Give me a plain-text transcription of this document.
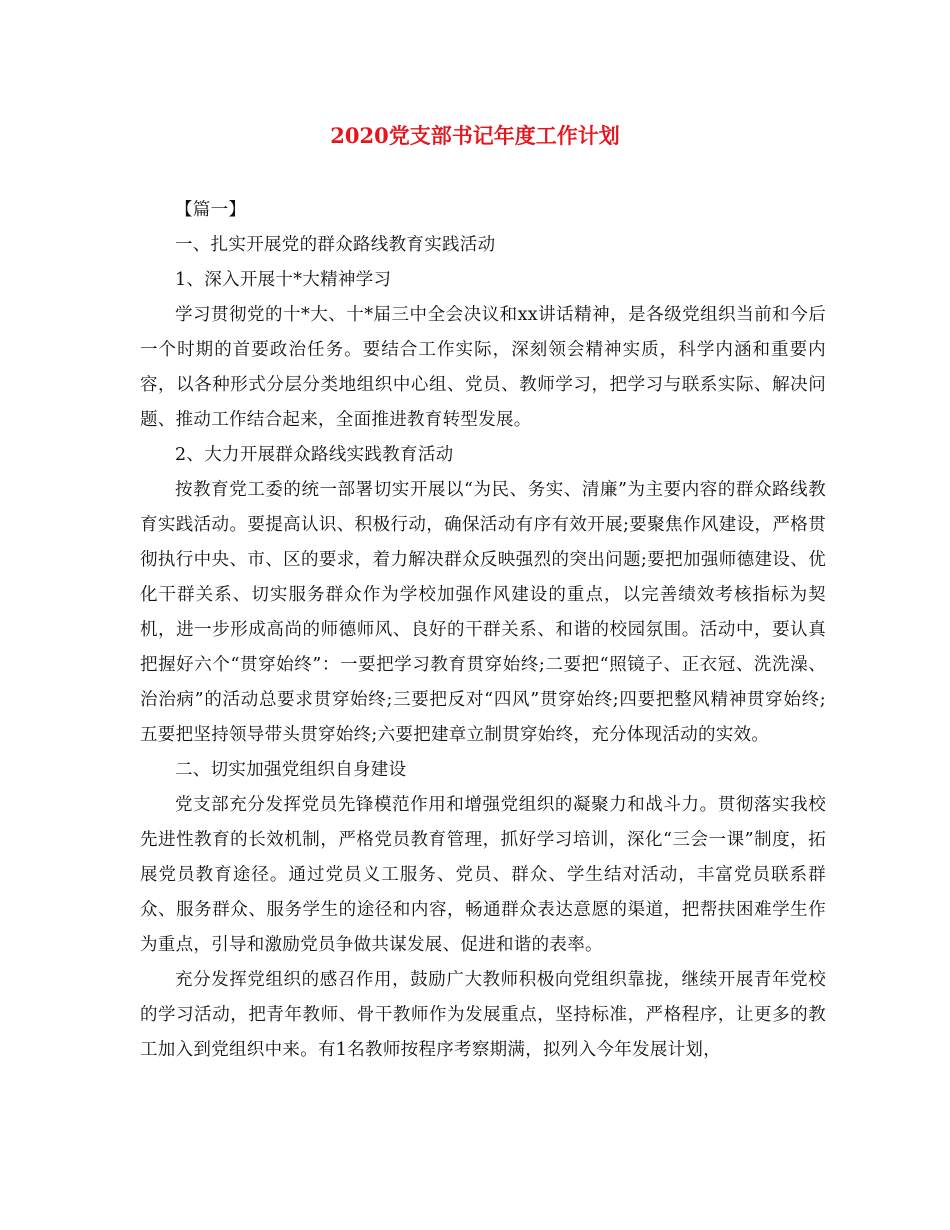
2020党支部书记年度工作计划

【篇一】

一、扎实开展党的群众路线教育实践活动

1、深入开展十*大精神学习

学习贯彻党的十*大、十*届三中全会决议和xx讲话精神，是各级党组织当前和今后一个时期的首要政治任务。要结合工作实际，深刻领会精神实质，科学内涵和重要内容，以各种形式分层分类地组织中心组、党员、教师学习，把学习与联系实际、解决问题、推动工作结合起来，全面推进教育转型发展。

2、大力开展群众路线实践教育活动

按教育党工委的统一部署切实开展以“为民、务实、清廉”为主要内容的群众路线教育实践活动。要提高认识、积极行动，确保活动有序有效开展;要聚焦作风建设，严格贯彻执行中央、市、区的要求，着力解决群众反映强烈的突出问题;要把加强师德建设、优化干群关系、切实服务群众作为学校加强作风建设的重点，以完善绩效考核指标为契机，进一步形成高尚的师德师风、良好的干群关系、和谐的校园氛围。活动中，要认真把握好六个“贯穿始终”：一要把学习教育贯穿始终;二要把“照镜子、正衣冠、洗洗澡、治治病”的活动总要求贯穿始终;三要把反对“四风”贯穿始终;四要把整风精神贯穿始终;五要把坚持领导带头贯穿始终;六要把建章立制贯穿始终，充分体现活动的实效。

二、切实加强党组织自身建设

党支部充分发挥党员先锋模范作用和增强党组织的凝聚力和战斗力。贯彻落实我校先进性教育的长效机制，严格党员教育管理，抓好学习培训，深化“三会一课”制度，拓展党员教育途径。通过党员义工服务、党员、群众、学生结对活动，丰富党员联系群众、服务群众、服务学生的途径和内容，畅通群众表达意愿的渠道，把帮扶困难学生作为重点，引导和激励党员争做共谋发展、促进和谐的表率。

充分发挥党组织的感召作用，鼓励广大教师积极向党组织靠拢，继续开展青年党校的学习活动，把青年教师、骨干教师作为发展重点，坚持标准，严格程序，让更多的教工加入到党组织中来。有1名教师按程序考察期满，拟列入今年发展计划，
